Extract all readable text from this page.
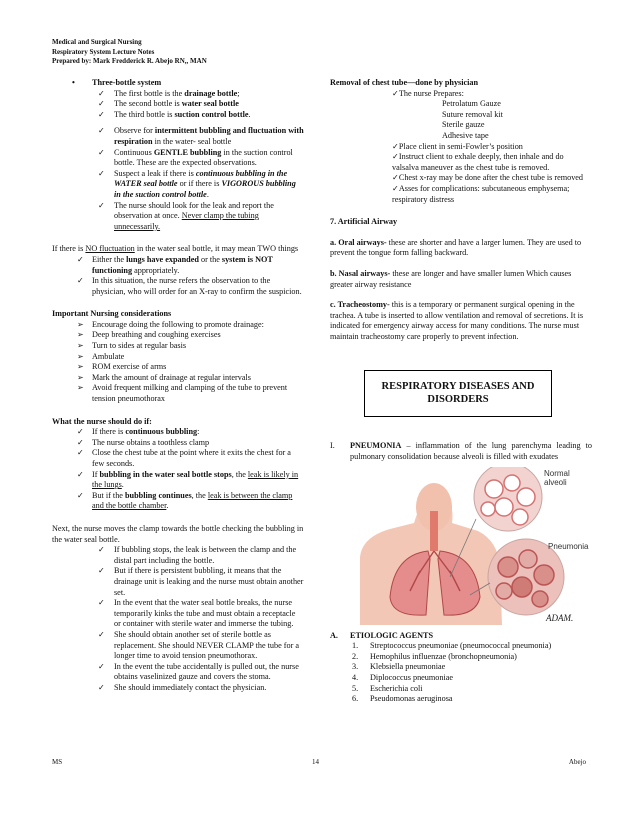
Medical and Surgical Nursing
Respiratory System Lecture Notes
Prepared by: Mark Fredderick R. Abejo RN,, MAN
• Three-bottle system
✓ The first bottle is the drainage bottle;
✓ The second bottle is water seal bottle
✓ The third bottle is suction control bottle.
✓ Observe for intermittent bubbling and fluctuation with respiration in the water- seal bottle
✓ Continuous GENTLE bubbling in the suction control bottle. These are the expected observations.
✓ Suspect a leak if there is continuous bubbling in the WATER seal bottle or if there is VIGOROUS bubbling in the suction control bottle.
✓ The nurse should look for the leak and report the observation at once. Never clamp the tubing unnecessarily.
If there is NO fluctuation in the water seal bottle, it may mean TWO things
✓ Either the lungs have expanded or the system is NOT functioning appropriately.
✓ In this situation, the nurse refers the observation to the physician, who will order for an X-ray to confirm the suspicion.
Important Nursing considerations
➢ Encourage doing the following to promote drainage:
➢ Deep breathing and coughing exercises
➢ Turn to sides at regular basis
➢ Ambulate
➢ ROM exercise of arms
➢ Mark the amount of drainage at regular intervals
➢ Avoid frequent milking and clamping of the tube to prevent tension pneumothorax
What the nurse should do if:
✓ If there is continuous bubbling:
✓ The nurse obtains a toothless clamp
✓ Close the chest tube at the point where it exits the chest for a few seconds.
✓ If bubbling in the water seal bottle stops, the leak is likely in the lungs.
✓ But if the bubbling continues, the leak is between the clamp and the bottle chamber.
Next, the nurse moves the clamp towards the bottle checking the bubbling in the water seal bottle.
✓ If bubbling stops, the leak is between the clamp and the distal part including the bottle.
✓ But if there is persistent bubbling, it means that the drainage unit is leaking and the nurse must obtain another set.
✓ In the event that the water seal bottle breaks, the nurse temporarily kinks the tube and must obtain a receptacle or container with sterile water and immerse the tubing.
✓ She should obtain another set of sterile bottle as replacement. She should NEVER CLAMP the tube for a longer time to avoid tension pneumothorax.
✓ In the event the tube accidentally is pulled out, the nurse obtains vaselinized gauze and covers the stoma.
✓ She should immediately contact the physician.
Removal of chest tube—done by physician
✓The nurse Prepares:
Petrolatum Gauze
Suture removal kit
Sterile gauze
Adhesive tape
✓Place client in semi-Fowler’s position
✓Instruct client to exhale deeply, then inhale and do valsalva maneuver as the chest tube is removed.
✓Chest x-ray may be done after the chest tube is removed
✓Asses for complications: subcutaneous emphysema; respiratory distress
7. Artificial Airway
a. Oral airways- these are shorter and have a larger lumen. They are used to prevent the tongue form falling backward.
b. Nasal airways- these are longer and have smaller lumen Which causes greater airway resistance
c. Tracheostomy- this is a temporary or permanent surgical opening in the trachea. A tube is inserted to allow ventilation and removal of secretions. It is indicated for emergency airway access for many conditions. The nurse must maintain tracheostomy care properly to prevent infection.
RESPIRATORY DISEASES AND DISORDERS
I. PNEUMONIA – inflammation of the lung parenchyma leading to pulmonary consolidation because alveoli is filled with exudates
Normal alveoli
Pneumonia
ADAM.
A. ETIOLOGIC AGENTS
1. Streptococcus pneumoniae (pneumococcal pneumonia)
2. Hemophilus influenzae (bronchopneumonia)
3. Klebsiella pneumoniae
4. Diplococcus pneumoniae
5. Escherichia coli
6. Pseudomonas aeruginosa
MS	14	Abejo
